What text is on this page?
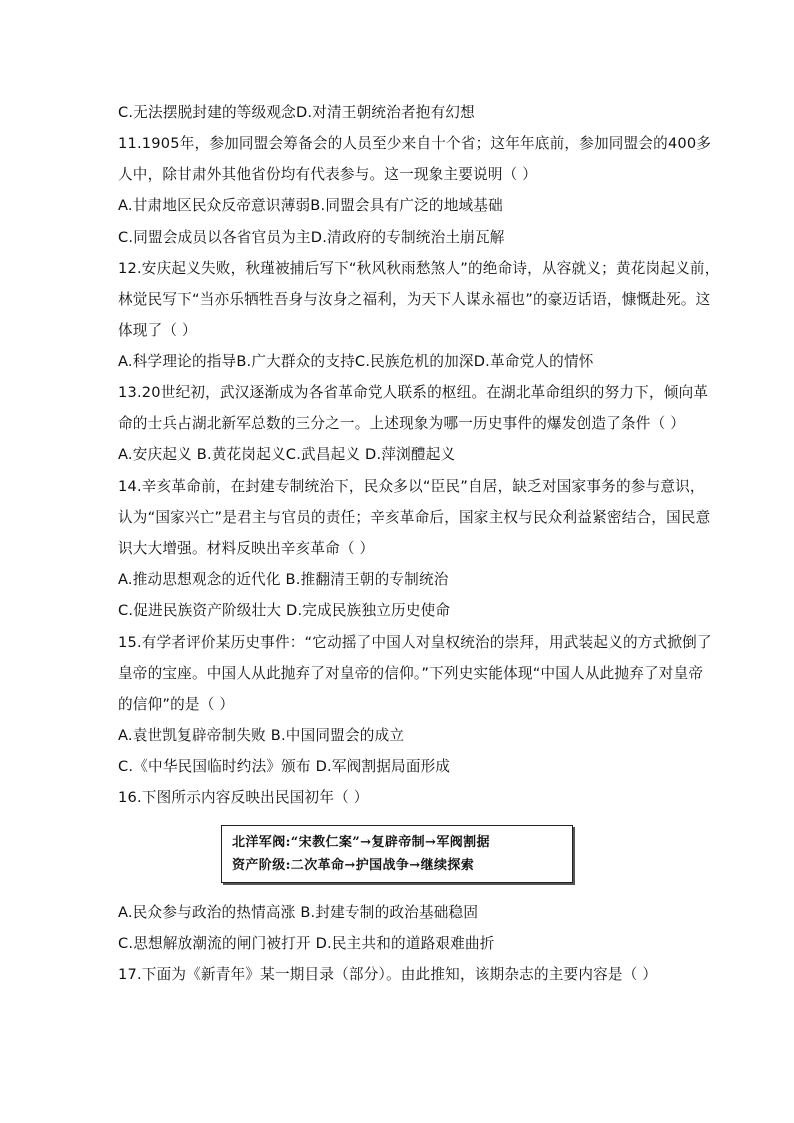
C.无法摆脱封建的等级观念D.对清王朝统治者抱有幻想
11.1905年，参加同盟会筹备会的人员至少来自十个省；这年年底前，参加同盟会的400多
人中，除甘肃外其他省份均有代表参与。这一现象主要说明（ ）
A.甘肃地区民众反帝意识薄弱B.同盟会具有广泛的地域基础
C.同盟会成员以各省官员为主D.清政府的专制统治土崩瓦解
12.安庆起义失败，秋瑾被捕后写下“秋风秋雨愁煞人”的绝命诗，从容就义；黄花岗起义前，
林觉民写下“当亦乐牺牲吾身与汝身之福利，为天下人谋永福也”的豪迈话语，慷慨赴死。这
体现了（ ）
A.科学理论的指导B.广大群众的支持C.民族危机的加深D.革命党人的情怀
13.20世纪初，武汉逐渐成为各省革命党人联系的枢纽。在湖北革命组织的努力下，倾向革
命的士兵占湖北新军总数的三分之一。上述现象为哪一历史事件的爆发创造了条件（ ）
A.安庆起义 B.黄花岗起义C.武昌起义 D.萍浏醴起义
14.辛亥革命前，在封建专制统治下，民众多以“臣民”自居，缺乏对国家事务的参与意识，
认为“国家兴亡”是君主与官员的责任；辛亥革命后，国家主权与民众利益紧密结合，国民意
识大大增强。材料反映出辛亥革命（ ）
A.推动思想观念的近代化 B.推翻清王朝的专制统治
C.促进民族资产阶级壮大 D.完成民族独立历史使命
15.有学者评价某历史事件：“它动摇了中国人对皇权统治的崇拜，用武装起义的方式掀倒了
皇帝的宝座。中国人从此抛弃了对皇帝的信仰。”下列史实能体现“中国人从此抛弃了对皇帝
的信仰”的是（ ）
A.袁世凯复辟帝制失败 B.中国同盟会的成立
C.《中华民国临时约法》颁布 D.军阀割据局面形成
16.下图所示内容反映出民国初年（ ）
北洋军阀:“宋教仁案”→复辟帝制→军阀割据
资产阶级:二次革命→护国战争→继续探索
A.民众参与政治的热情高涨 B.封建专制的政治基础稳固
C.思想解放潮流的闸门被打开 D.民主共和的道路艰难曲折
17.下面为《新青年》某一期目录（部分）。由此推知，该期杂志的主要内容是（ ）
